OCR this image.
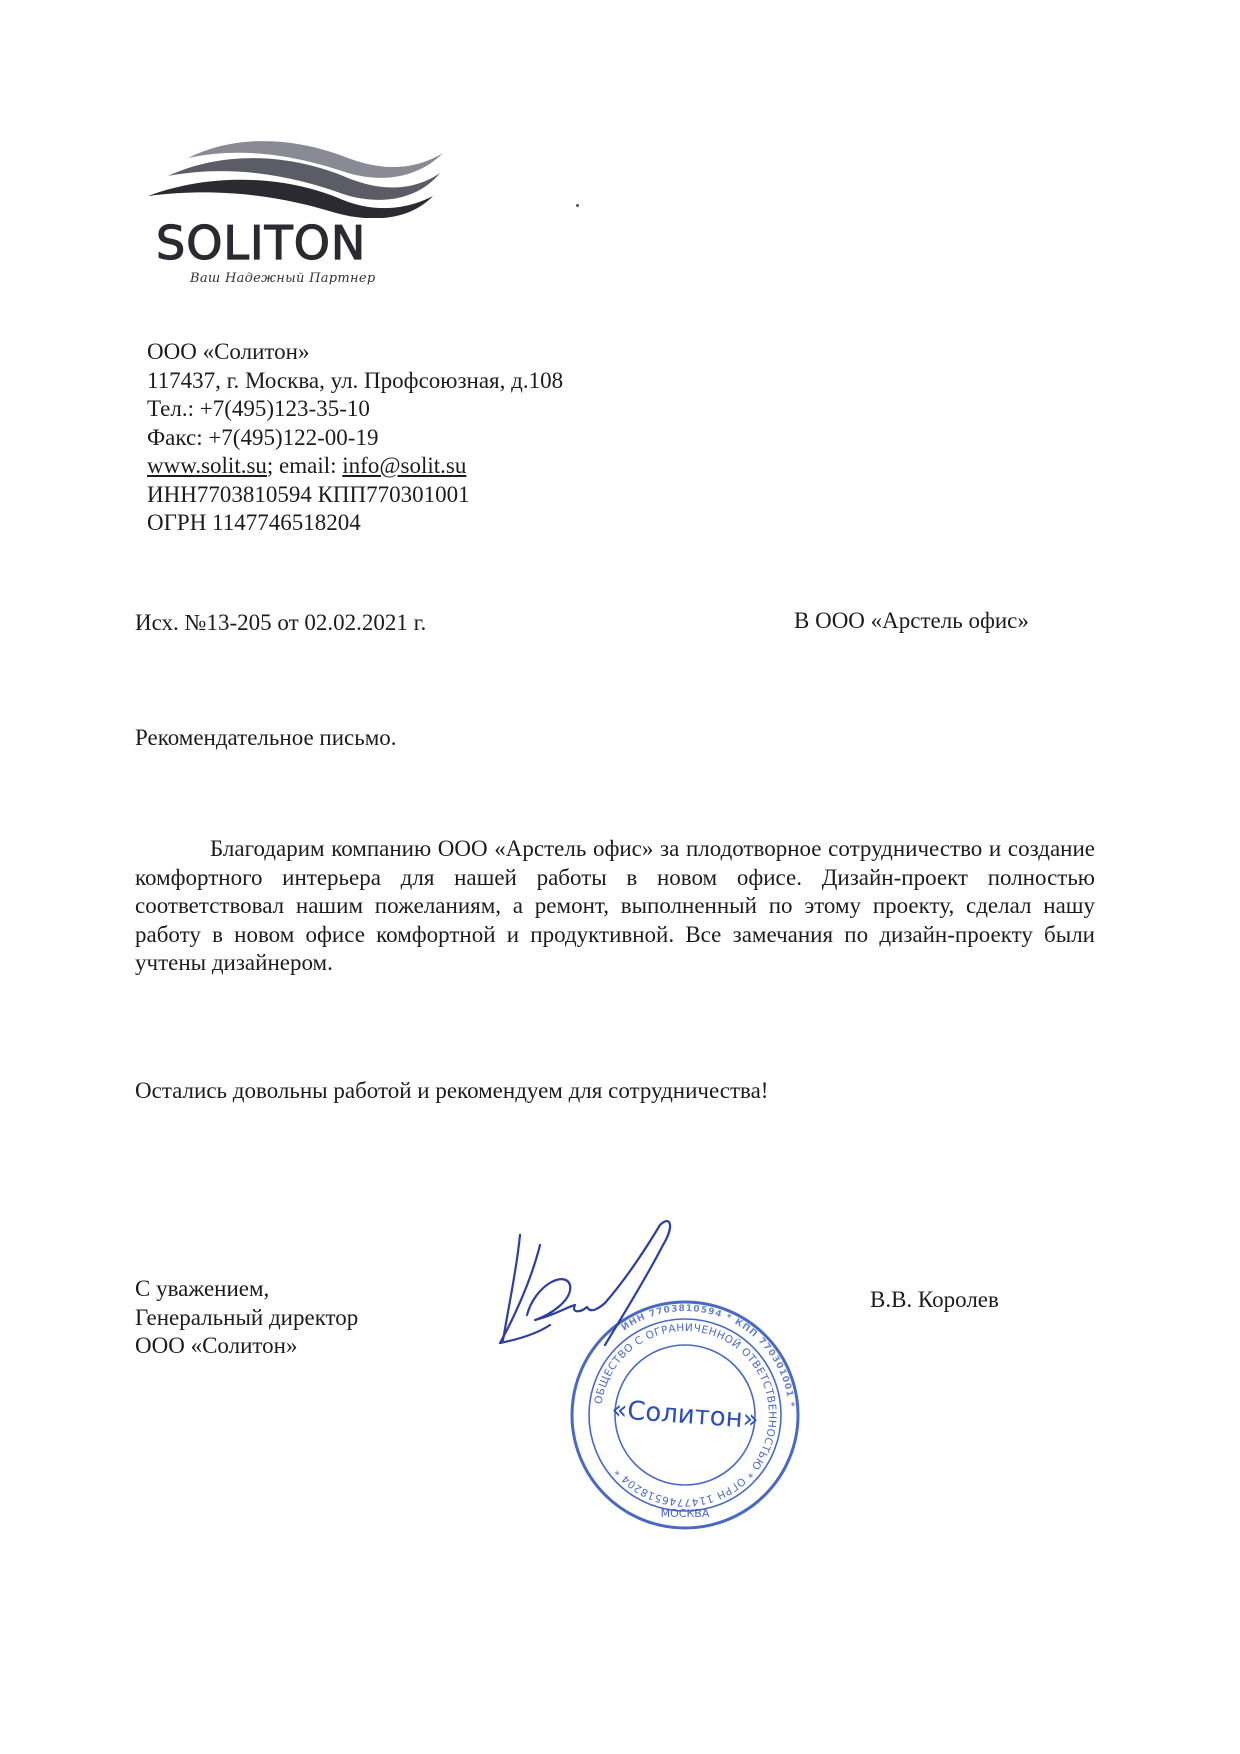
SOLITON
Ваш Надежный Партнер
ООО «Солитон»
117437, г. Москва, ул. Профсоюзная, д.108
Тел.: +7(495)123-35-10
Факс: +7(495)122-00-19
www.solit.su; email: info@solit.su
ИНН7703810594 КПП770301001
ОГРН 1147746518204
Исх. №13-205 от 02.02.2021 г.	В ООО «Арстель офис»
Рекомендательное письмо.

Благодарим компанию ООО «Арстель офис» за плодотворное сотрудничество и создание комфортного интерьера для нашей работы в новом офисе. Дизайн-проект полностью соответствовал нашим пожеланиям, а ремонт, выполненный по этому проекту, сделал нашу работу в новом офисе комфортной и продуктивной. Все замечания по дизайн-проекту были учтены дизайнером.

Остались довольны работой и рекомендуем для сотрудничества!
С уважением,
Генеральный директор
ООО «Солитон»
В.В. Королев
ОБЩЕСТВО С ОГРАНИЧЕННОЙ ОТВЕТСТВЕННОСТЬЮ * ОГРН 1147746518204 *
ИНН 7703810594 * КПП 770301001 *
МОСКВА
«Солитон»
